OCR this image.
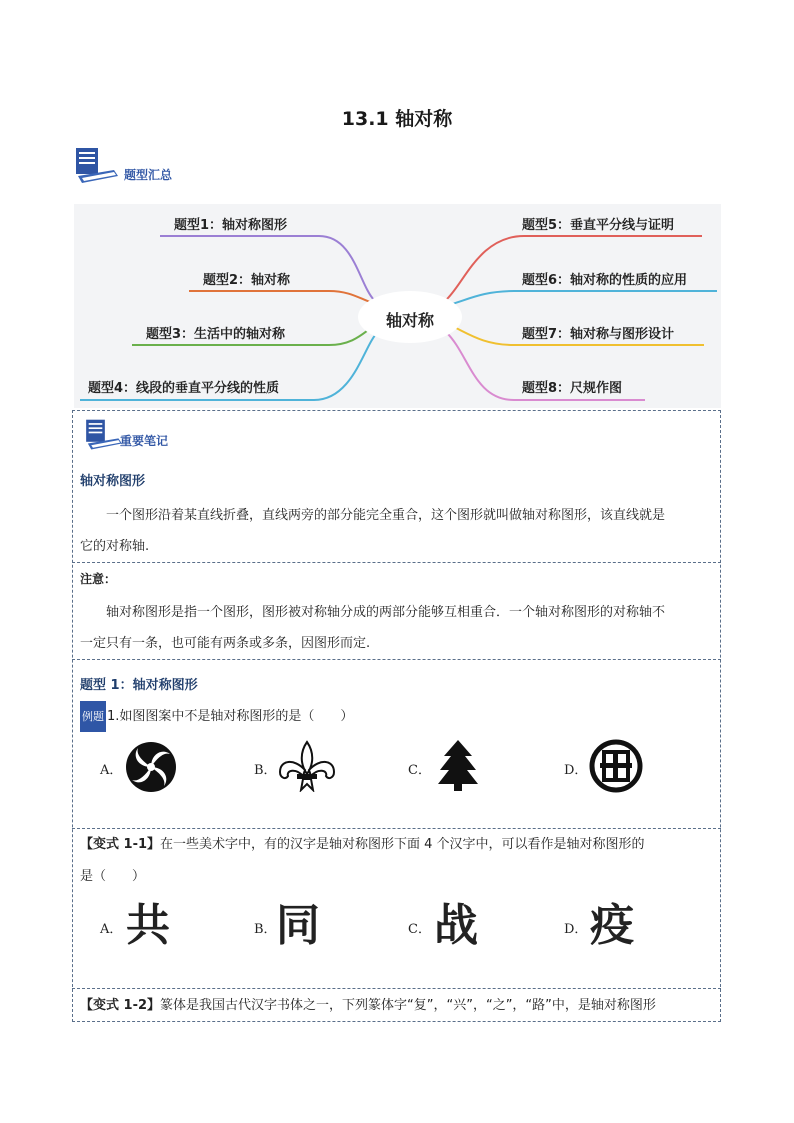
13.1 轴对称
题型汇总
轴对称
题型1：轴对称图形
题型2：轴对称
题型3：生活中的轴对称
题型4：线段的垂直平分线的性质
题型5：垂直平分线与证明
题型6：轴对称的性质的应用
题型7：轴对称与图形设计
题型8：尺规作图
重要笔记
轴对称图形
一个图形沿着某直线折叠，直线两旁的部分能完全重合，这个图形就叫做轴对称图形，该直线就是
它的对称轴.
注意：
轴对称图形是指一个图形，图形被对称轴分成的两部分能够互相重合．一个轴对称图形的对称轴不
一定只有一条，也可能有两条或多条，因图形而定.
题型 1：轴对称图形
例题 1.如图图案中不是轴对称图形的是（　　）
A．	B．	C．	D．
【变式 1-1】在一些美术字中，有的汉字是轴对称图形下面 4 个汉字中，可以看作是轴对称图形的
是（　　）
A． 共	B． 同	C． 战	D． 疫
【变式 1-2】篆体是我国古代汉字书体之一，下列篆体字“复”，“兴”，“之”，“路”中，是轴对称图形
